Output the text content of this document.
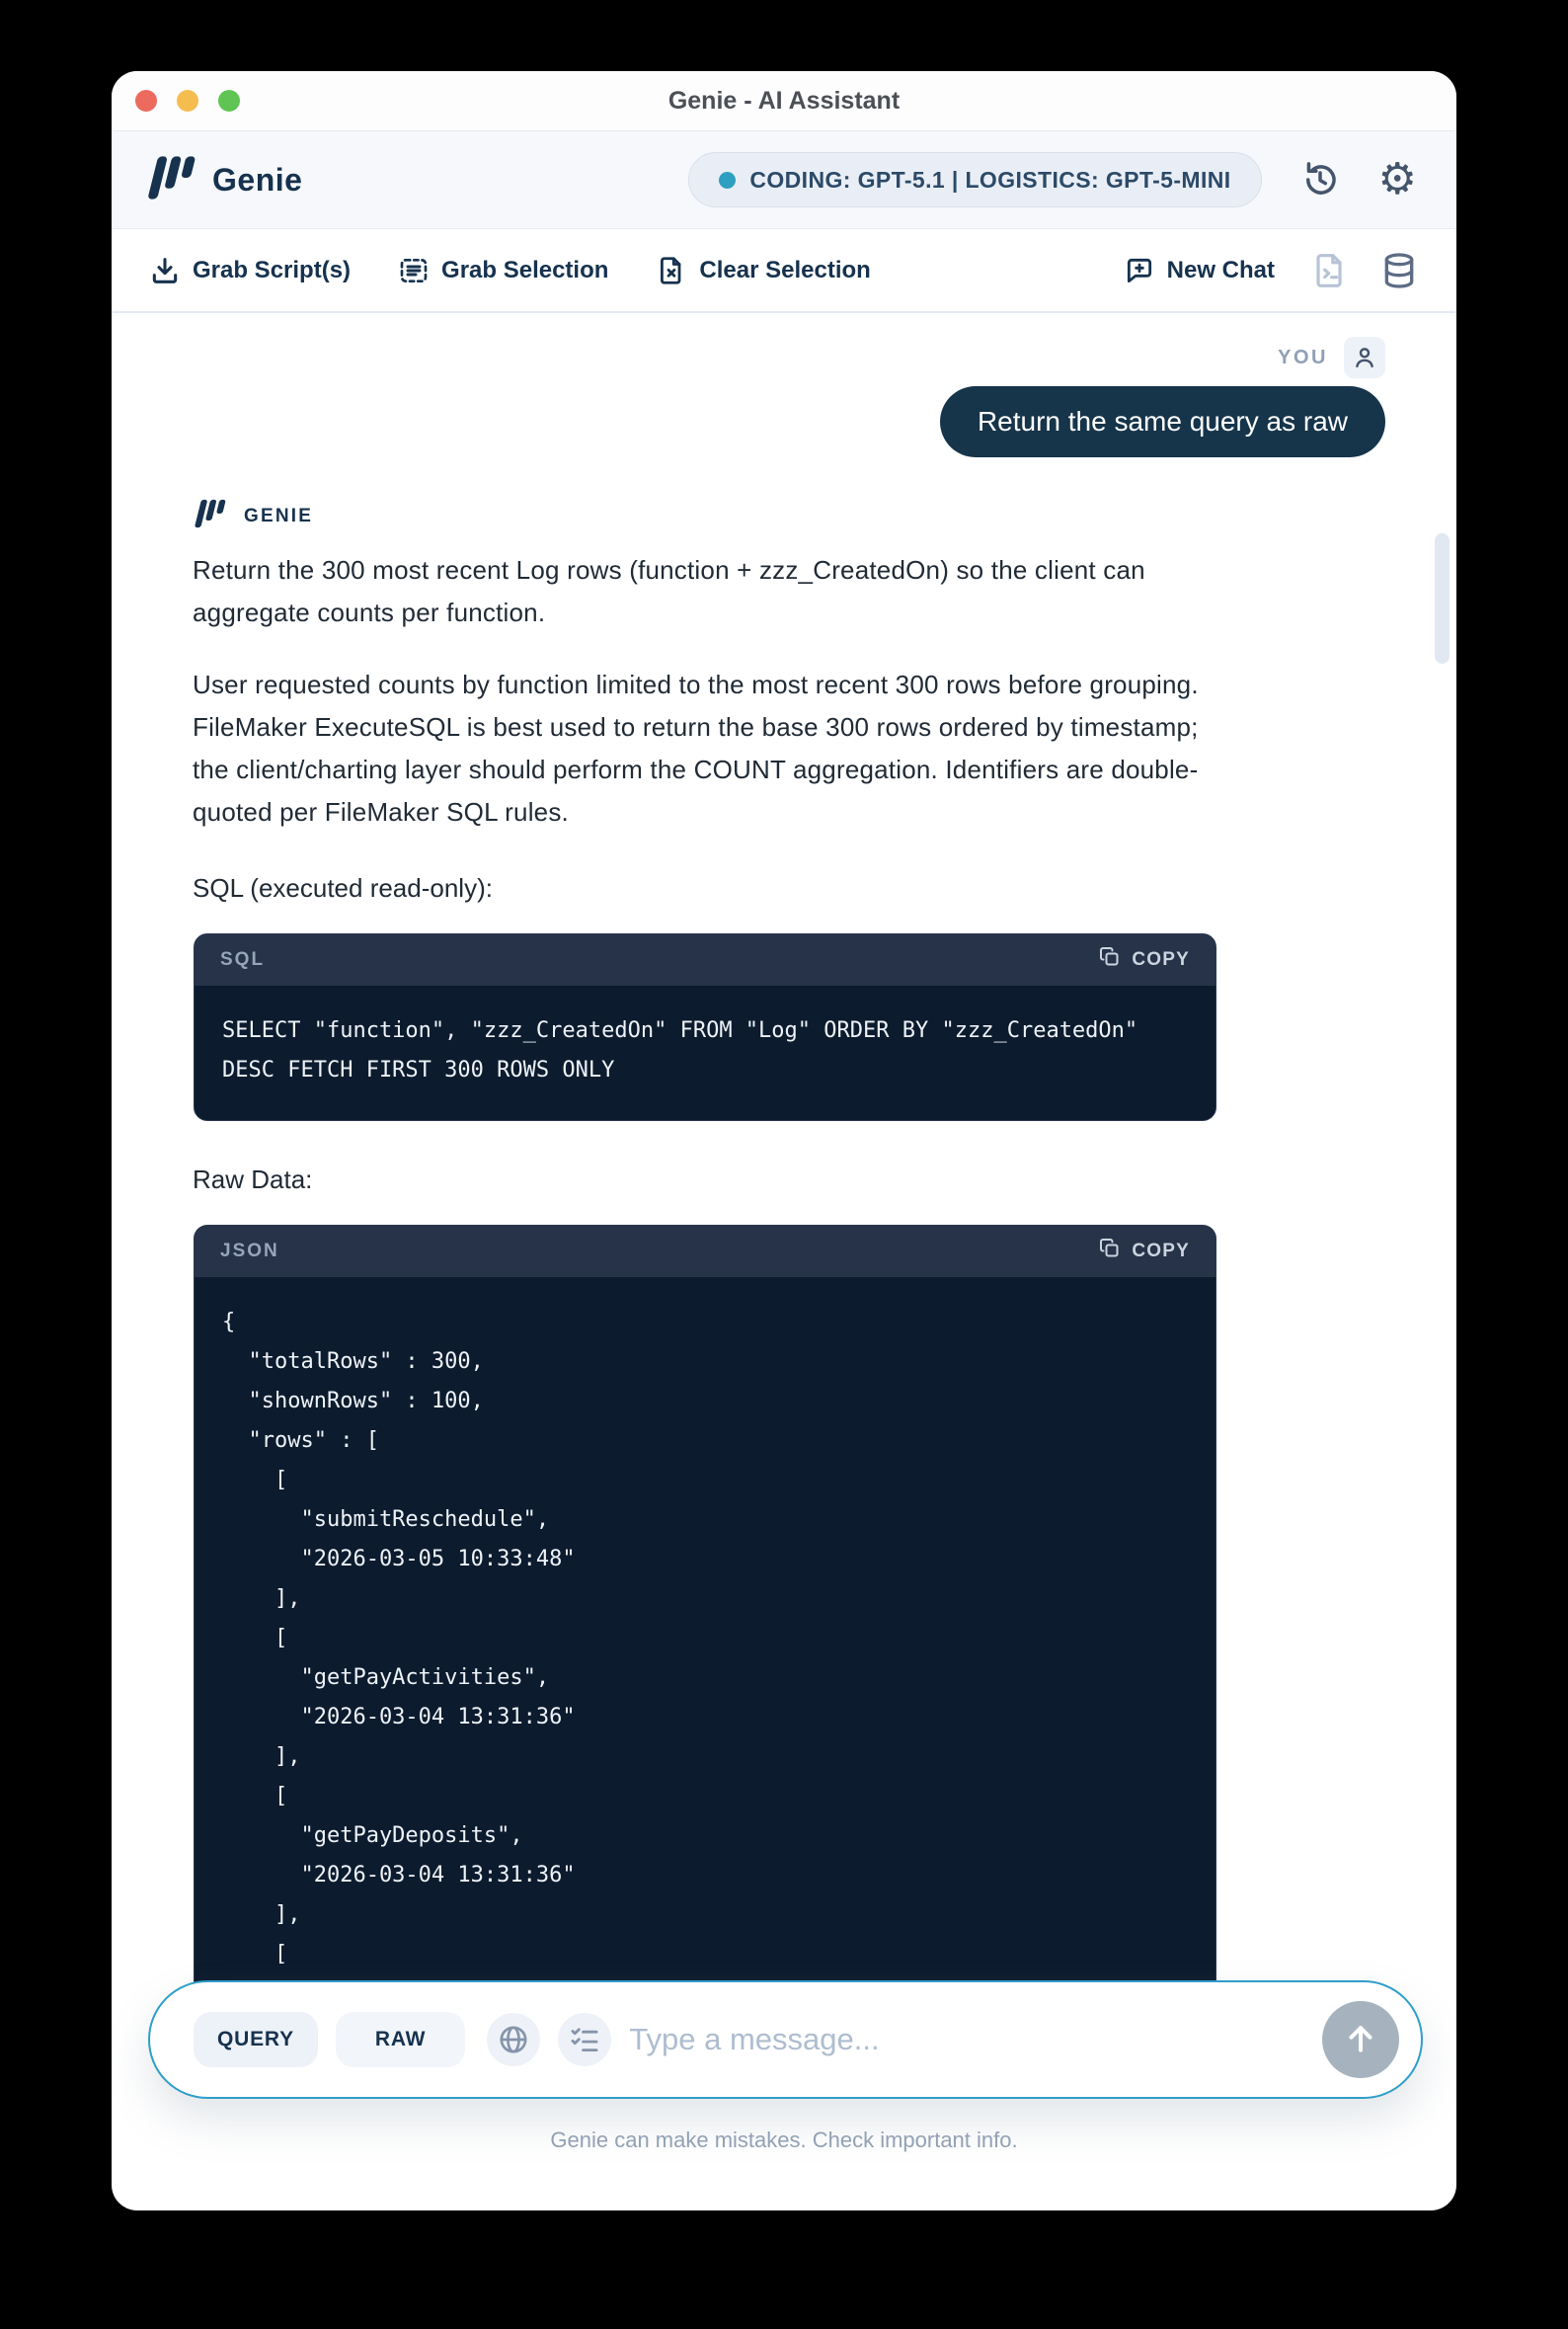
Genie - AI Assistant
Genie	CODING: GPT-5.1 | LOGISTICS: GPT-5-MINI	⚙
Grab Script(s)	Grab Selection	Clear Selection	New Chat
YOU
Return the same query as raw
GENIE

Return the 300 most recent Log rows (function + zzz_CreatedOn) so the client can aggregate counts per function.

User requested counts by function limited to the most recent 300 rows before grouping. FileMaker ExecuteSQL is best used to return the base 300 rows ordered by timestamp; the client/charting layer should perform the COUNT aggregation. Identifiers are double-quoted per FileMaker SQL rules.

SQL (executed read-only):

SQL	COPY
SELECT "function", "zzz_CreatedOn" FROM "Log" ORDER BY "zzz_CreatedOn" DESC FETCH FIRST 300 ROWS ONLY

Raw Data:

JSON	COPY
{
"totalRows" : 300,
"shownRows" : 100,
"rows" : [
[
"submitReschedule",
"2026-03-05 10:33:48"
],
[
"getPayActivities",
"2026-03-04 13:31:36"
],
[
"getPayDeposits",
"2026-03-04 13:31:36"
],
[
QUERY	RAW
Type a message...
Genie can make mistakes. Check important info.
